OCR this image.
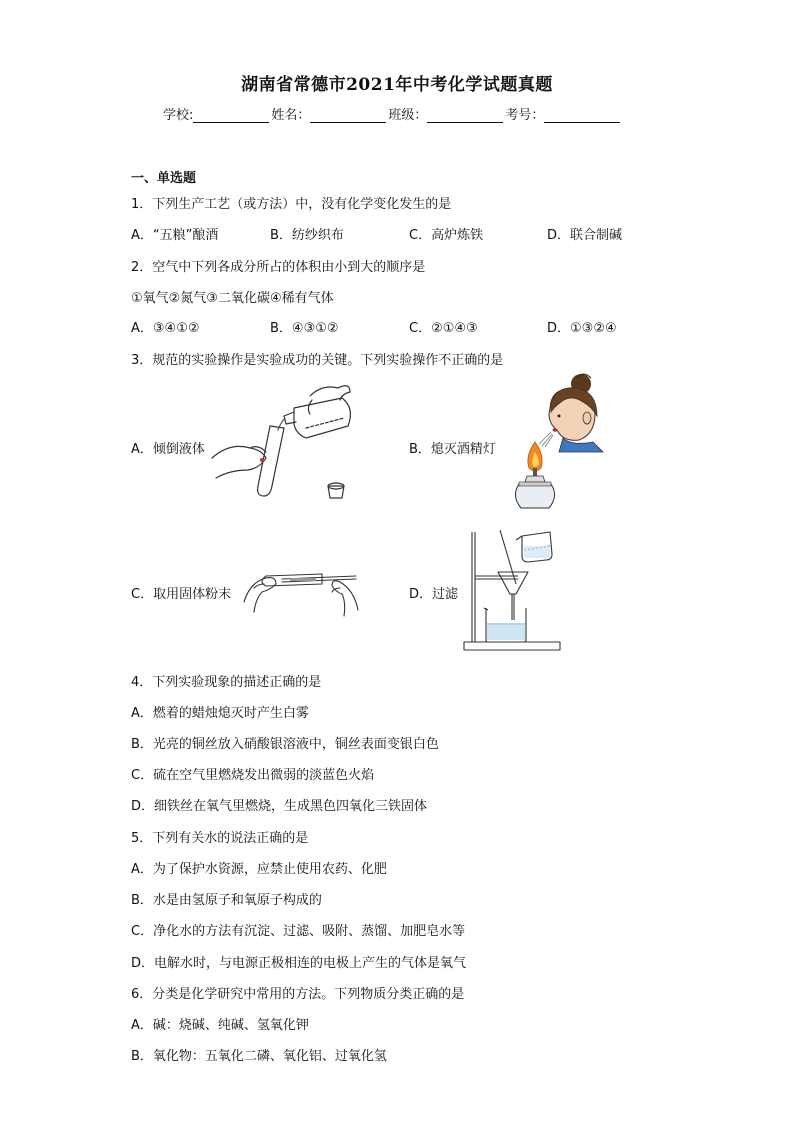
湖南省常德市2021年中考化学试题真题
学校:	姓名：	班级：	考号：
一、单选题
1．下列生产工艺（或方法）中，没有化学变化发生的是
A．“五粮”酿酒	B．纺纱织布	C．高炉炼铁	D．联合制碱
2．空气中下列各成分所占的体积由小到大的顺序是
①氧气②氮气③二氧化碳④稀有气体
A．③④①②	B．④③①②	C．②①④③	D．①③②④
3．规范的实验操作是实验成功的关键。下列实验操作不正确的是
A．倾倒液体	B．熄灭酒精灯
C．取用固体粉末	D．过滤
4．下列实验现象的描述正确的是
A．燃着的蜡烛熄灭时产生白雾
B．光亮的铜丝放入硝酸银溶液中，铜丝表面变银白色
C．硫在空气里燃烧发出微弱的淡蓝色火焰
D．细铁丝在氧气里燃烧，生成黑色四氧化三铁固体
5．下列有关水的说法正确的是
A．为了保护水资源，应禁止使用农药、化肥
B．水是由氢原子和氧原子构成的
C．净化水的方法有沉淀、过滤、吸附、蒸馏、加肥皂水等
D．电解水时，与电源正极相连的电极上产生的气体是氧气
6．分类是化学研究中常用的方法。下列物质分类正确的是
A．碱：烧碱、纯碱、氢氧化钾
B．氧化物：五氧化二磷、氧化铝、过氧化氢
